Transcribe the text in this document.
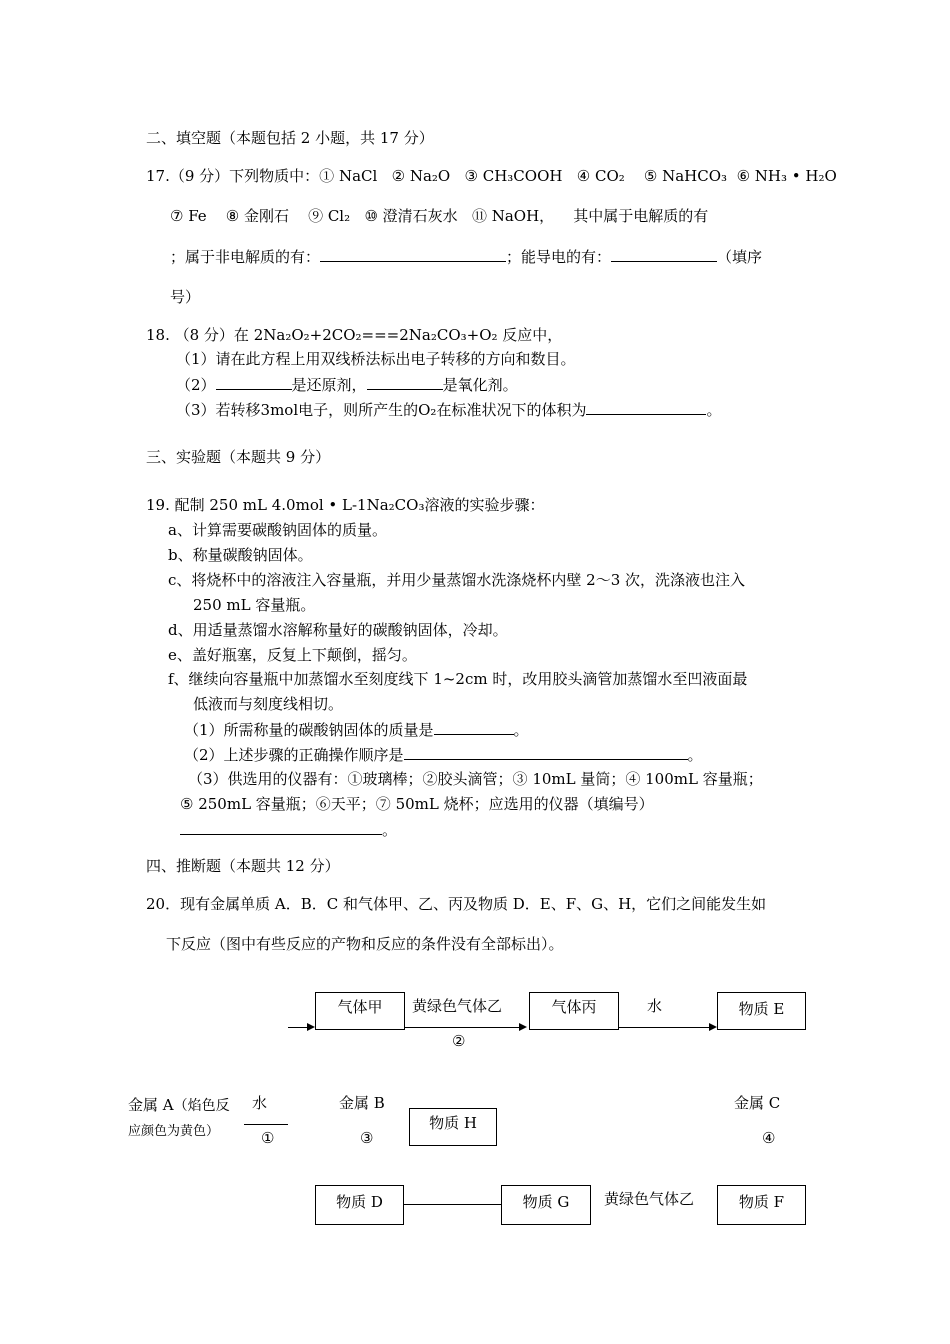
二、填空题（本题包括 2 小题，共 17 分）
17.（9 分）下列物质中：① NaCl ② Na₂O ③ CH₃COOH ④ CO₂ ⑤ NaHCO₃ ⑥ NH₃ • H₂O
⑦ Fe ⑧ 金刚石 ⑨ Cl₂ ⑩ 澄清石灰水 ⑪ NaOH， 其中属于电解质的有
；属于非电解质的有：	；能导电的有：	（填序
号）
18. （8 分）在 2Na₂O₂+2CO₂===2Na₂CO₃+O₂ 反应中，
（1）请在此方程上用双线桥法标出电子转移的方向和数目。
（2）	是还原剂，	是氧化剂。
（3）若转移3mol电子，则所产生的O₂在标准状况下的体积为	。
三、实验题（本题共 9 分）
19. 配制 250 mL 4.0mol • L-1Na₂CO₃溶液的实验步骤：
a、计算需要碳酸钠固体的质量。
b、称量碳酸钠固体。
c、将烧杯中的溶液注入容量瓶，并用少量蒸馏水洗涤烧杯内壁 2～3 次，洗涤液也注入
250 mL 容量瓶。
d、用适量蒸馏水溶解称量好的碳酸钠固体，冷却。
e、盖好瓶塞，反复上下颠倒，摇匀。
f、继续向容量瓶中加蒸馏水至刻度线下 1~2cm 时，改用胶头滴管加蒸馏水至凹液面最
低液而与刻度线相切。
（1）所需称量的碳酸钠固体的质量是	。
（2）上述步骤的正确操作顺序是	。
（3）供选用的仪器有：①玻璃棒；②胶头滴管；③ 10mL 量筒；④ 100mL 容量瓶；
⑤ 250mL 容量瓶；⑥天平；⑦ 50mL 烧杯；应选用的仪器（填编号）
。
四、推断题（本题共 12 分）
20．现有金属单质 A．B．C 和气体甲、乙、丙及物质 D．E、F、G、H，它们之间能发生如
下反应（图中有些反应的产物和反应的条件没有全部标出）。
气体甲	黄绿色气体乙
②
气体丙	水	物质 E
金属 A（焰色反
应颜色为黄色）
水
①
金属 B
③
物质 H
金属 C
④
物质 D	物质 G	黄绿色气体乙	物质 F
